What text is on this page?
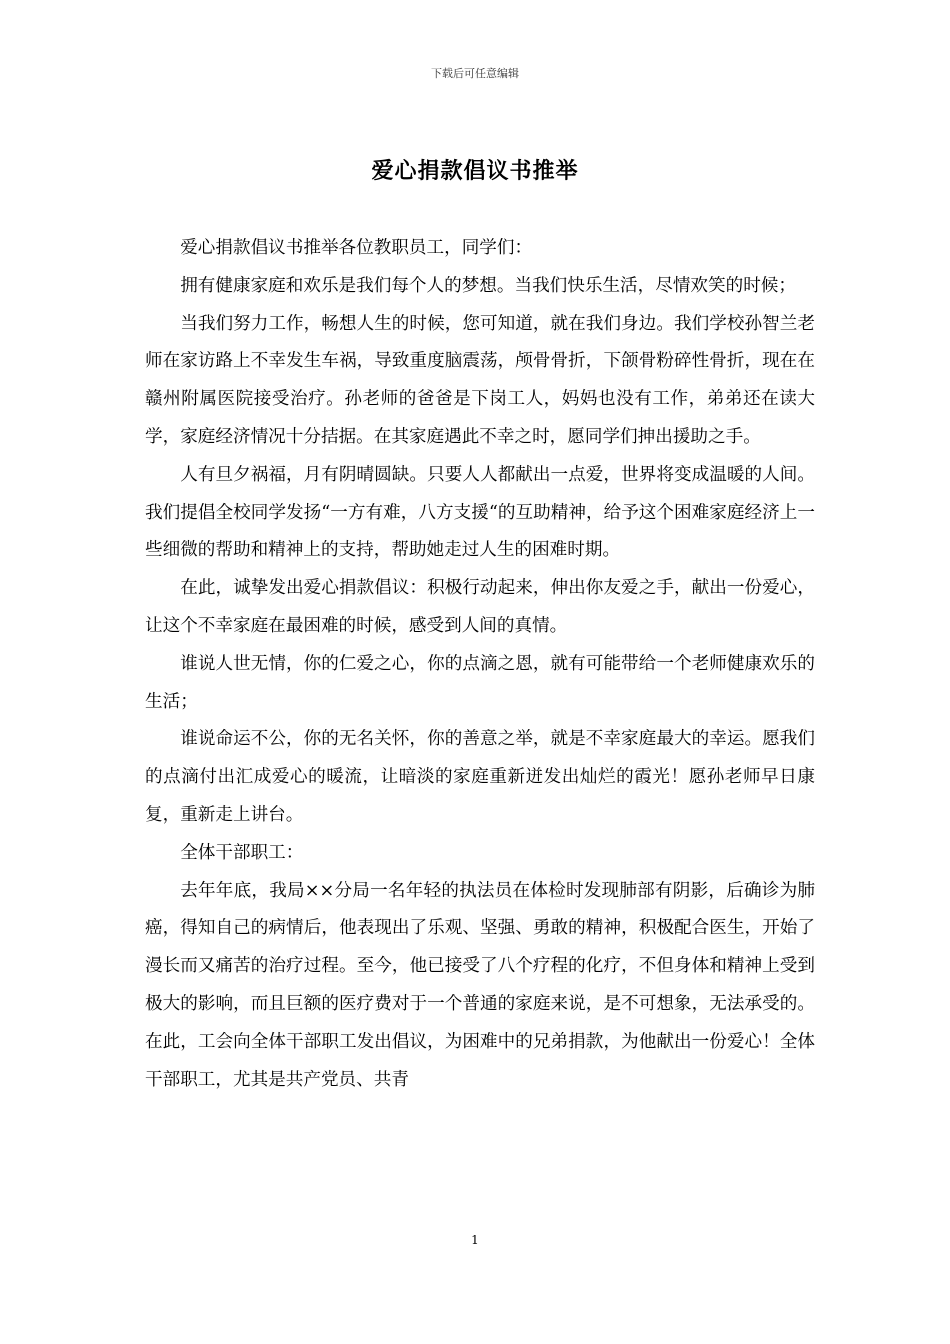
下载后可任意编辑
爱心捐款倡议书推举

爱心捐款倡议书推举各位教职员工，同学们：

拥有健康家庭和欢乐是我们每个人的梦想。当我们快乐生活，尽情欢笑的时候；

当我们努力工作，畅想人生的时候，您可知道，就在我们身边。我们学校孙智兰老师在家访路上不幸发生车祸，导致重度脑震荡，颅骨骨折，下颌骨粉碎性骨折，现在在赣州附属医院接受治疗。孙老师的爸爸是下岗工人，妈妈也没有工作，弟弟还在读大学，家庭经济情况十分拮据。在其家庭遇此不幸之时，愿同学们抻出援助之手。

人有旦夕祸福，月有阴晴圆缺。只要人人都献出一点爱，世界将变成温暖的人间。我们提倡全校同学发扬“一方有难，八方支援“的互助精神，给予这个困难家庭经济上一些细微的帮助和精神上的支持，帮助她走过人生的困难时期。

在此，诚挚发出爱心捐款倡议：积极行动起来，伸出你友爱之手，献出一份爱心，让这个不幸家庭在最困难的时候，感受到人间的真情。

谁说人世无情，你的仁爱之心，你的点滴之恩，就有可能带给一个老师健康欢乐的生活；

谁说命运不公，你的无名关怀，你的善意之举，就是不幸家庭最大的幸运。愿我们的点滴付出汇成爱心的暖流，让暗淡的家庭重新迸发出灿烂的霞光！愿孙老师早日康复，重新走上讲台。

全体干部职工：

去年年底，我局××分局一名年轻的执法员在体检时发现肺部有阴影，后确诊为肺癌，得知自己的病情后，他表现出了乐观、坚强、勇敢的精神，积极配合医生，开始了漫长而又痛苦的治疗过程。至今，他已接受了八个疗程的化疗，不但身体和精神上受到极大的影响，而且巨额的医疗费对于一个普通的家庭来说，是不可想象，无法承受的。在此，工会向全体干部职工发出倡议，为困难中的兄弟捐款，为他献出一份爱心！全体干部职工，尤其是共产党员、共青

1
